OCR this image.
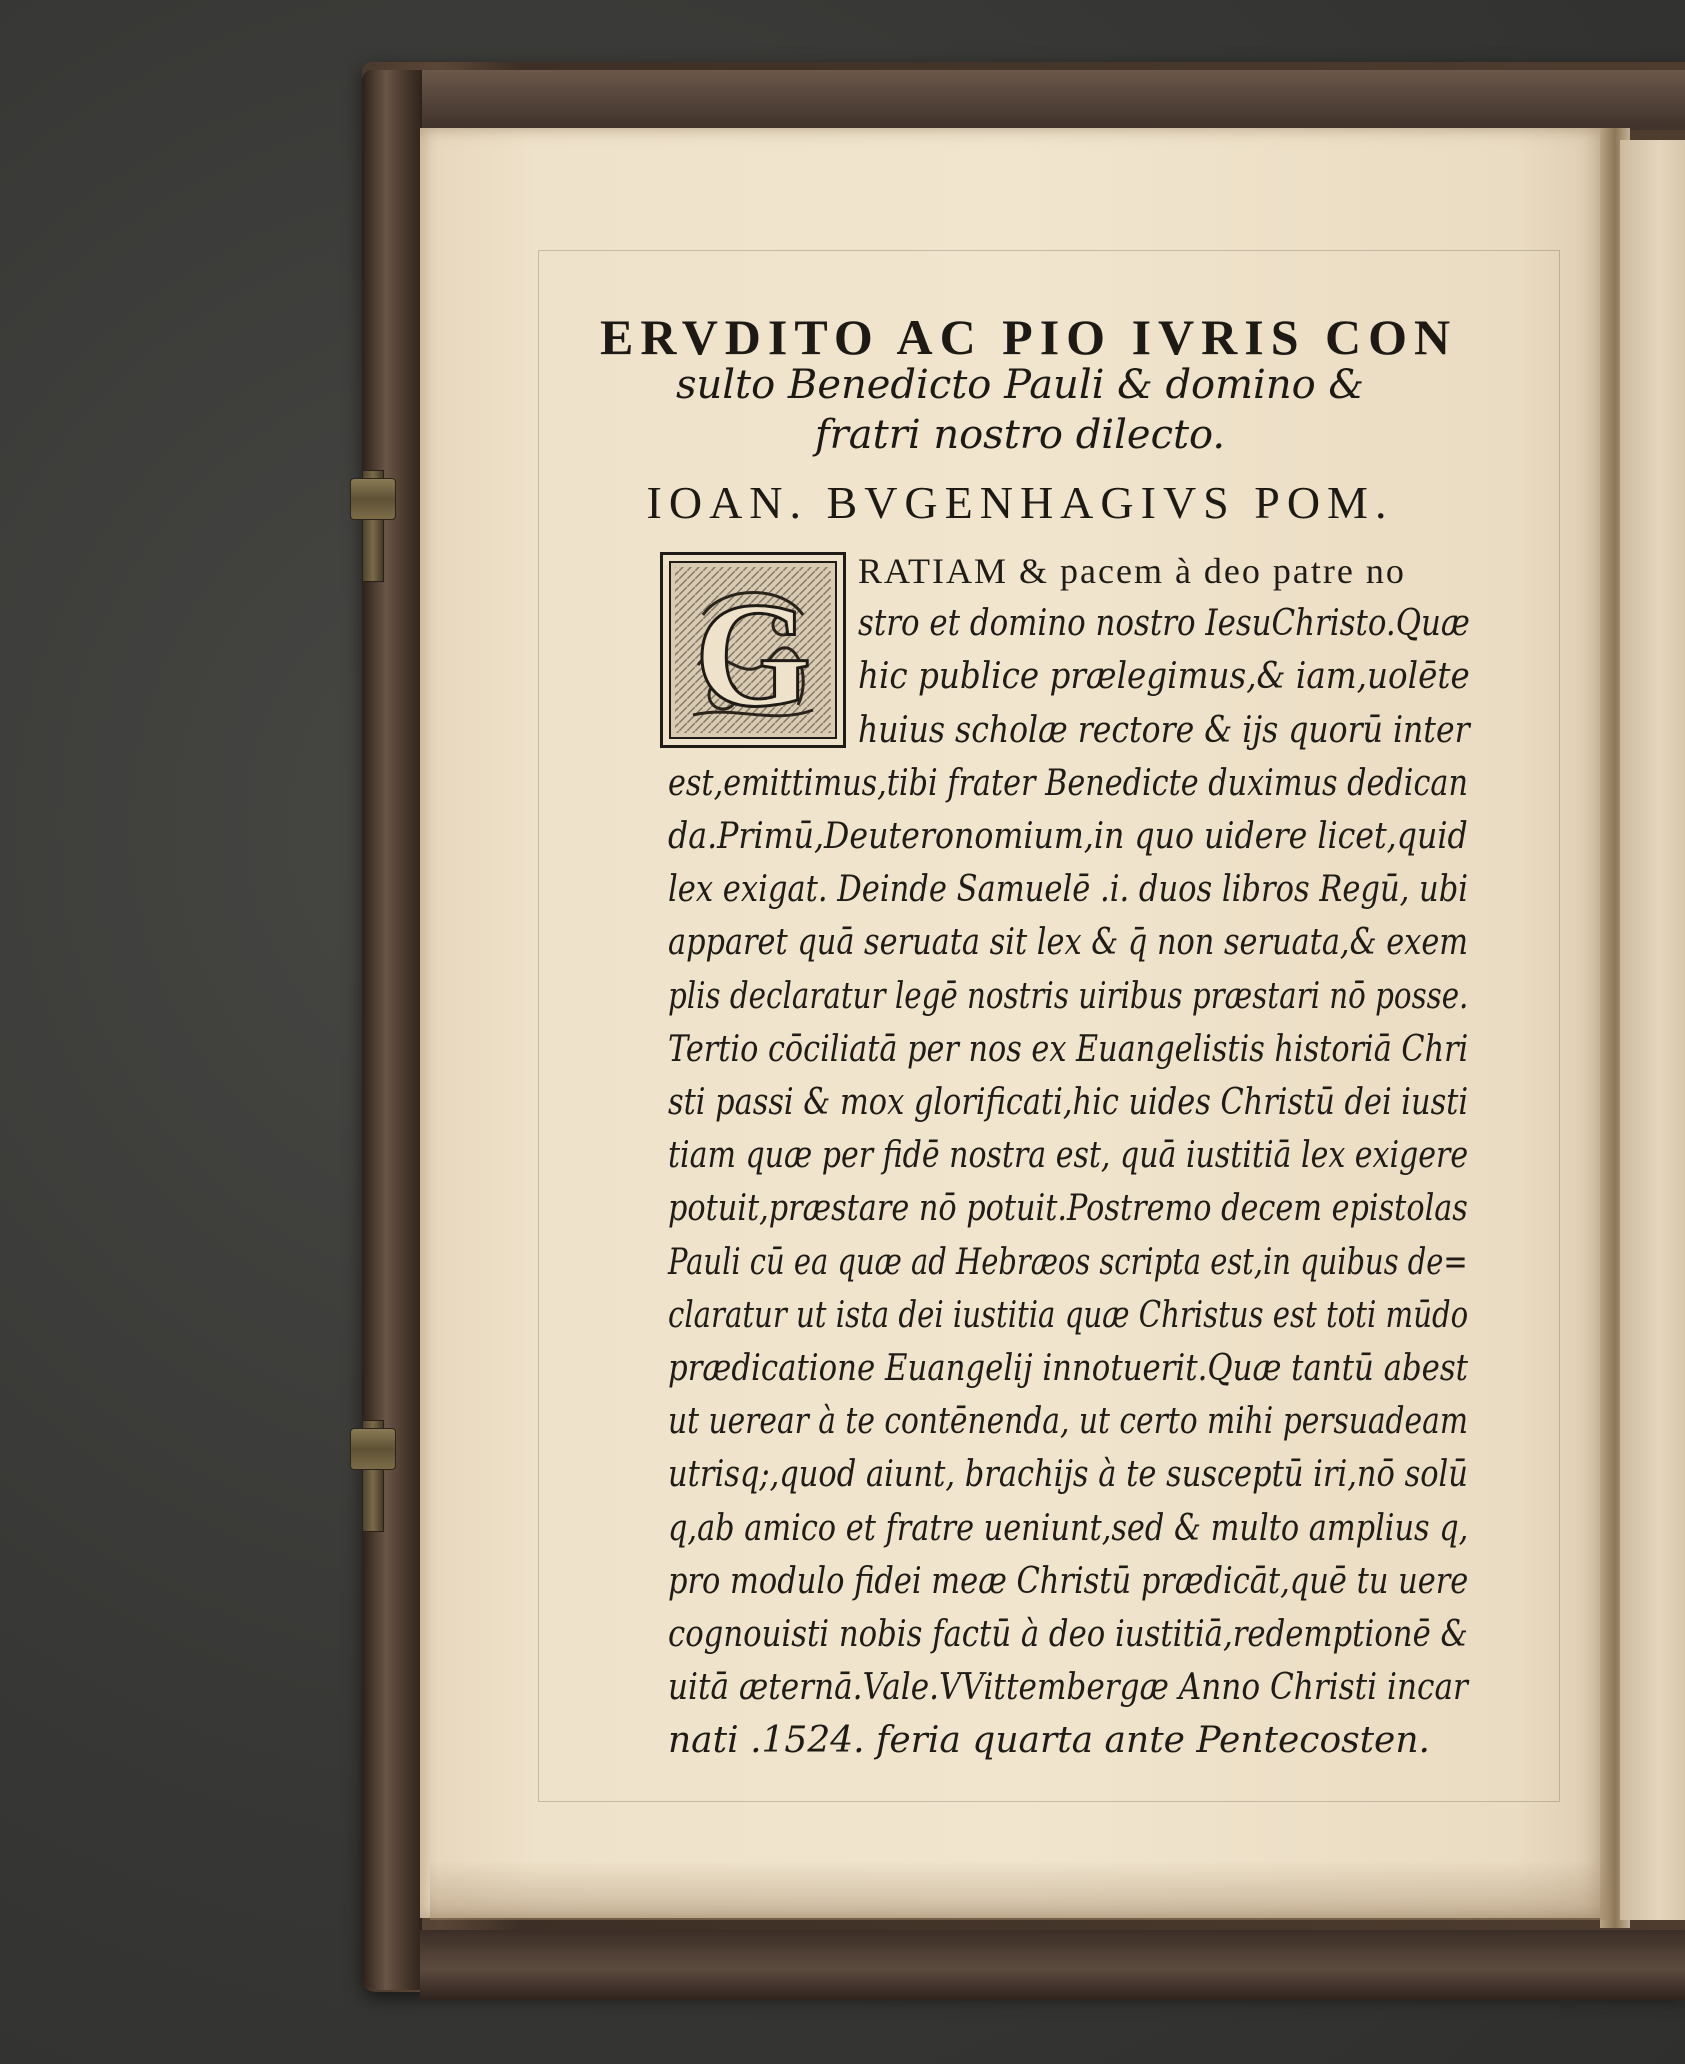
ERVDITO AC PIO IVRIS CON
sulto Benedicto Pauli & domino &
fratri nostro dilecto.
IOAN. BVGENHAGIVS POM.
G
RATIAM & pacem à deo patre no
stro et domino nostro IesuChristo.Quæ
hic publice prælegimus,& iam,uolēte
huius scholæ rectore & ijs quorū inter
est,emittimus,tibi frater Benedicte duximus dedican
da.Primū,Deuteronomium,in quo uidere licet,quid
lex exigat. Deinde Samuelē .i. duos libros Regū, ubi
apparet quā seruata sit lex & q̄ non seruata,& exem
plis declaratur legē nostris uiribus præstari nō posse.
Tertio cōciliatā per nos ex Euangelistis historiā Chri
sti passi & mox glorificati,hic uides Christū dei iusti
tiam quæ per fidē nostra est, quā iustitiā lex exigere
potuit,præstare nō potuit.Postremo decem epistolas
Pauli cū ea quæ ad Hebræos scripta est,in quibus de=
claratur ut ista dei iustitia quæ Christus est toti mūdo
prædicatione Euangelij innotuerit.Quæ tantū abest
ut uerear à te contēnenda, ut certo mihi persuadeam
utrisq;,quod aiunt, brachijs à te susceptū iri,nō solū
q,ab amico et fratre ueniunt,sed & multo amplius q,
pro modulo fidei meæ Christū prædicāt,quē tu uere
cognouisti nobis factū à deo iustitiā,redemptionē &
uitā æternā.Vale.VVittembergæ Anno Christi incar
nati .1524. feria quarta ante Pentecosten.
